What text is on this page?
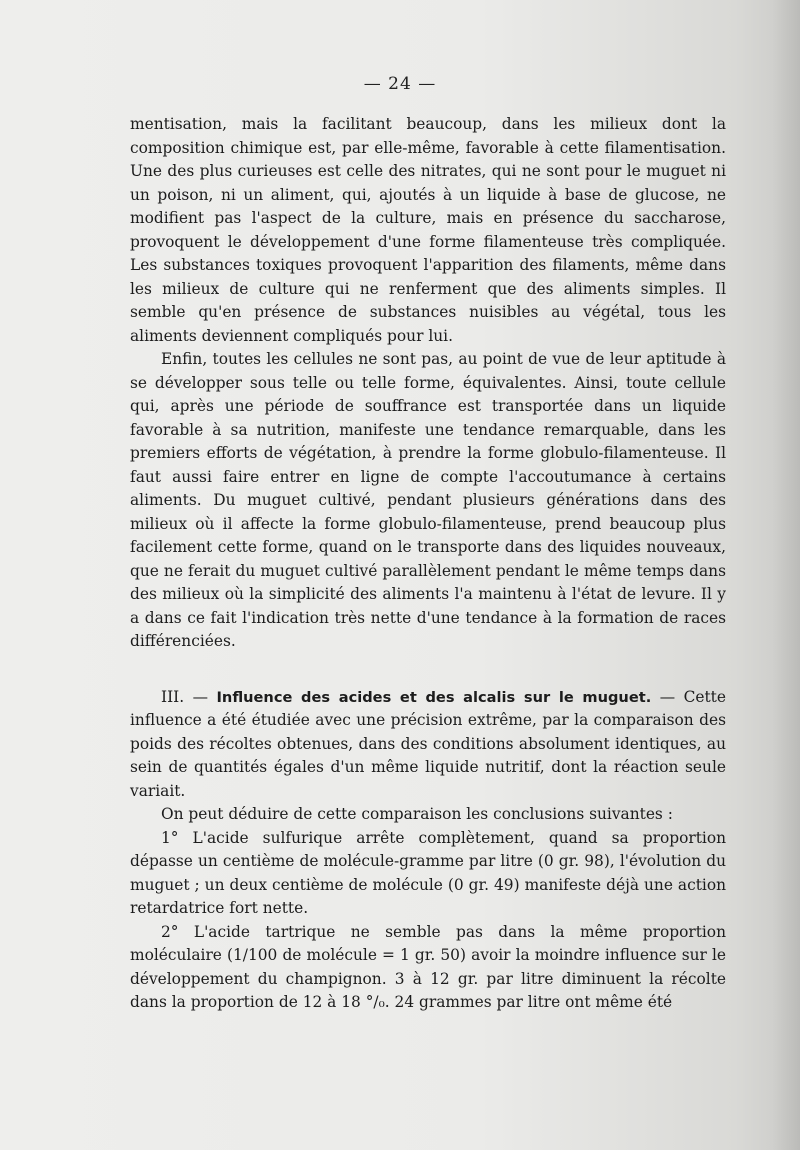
— 24 —

mentisation, mais la facilitant beaucoup, dans les milieux dont la composition chimique est, par elle-même, favorable à cette filamentisation. Une des plus curieuses est celle des nitrates, qui ne sont pour le muguet ni un poison, ni un aliment, qui, ajoutés à un liquide à base de glucose, ne modifient pas l'aspect de la culture, mais en présence du saccharose, provoquent le développement d'une forme filamenteuse très compliquée. Les substances toxiques provoquent l'apparition des filaments, même dans les milieux de culture qui ne renferment que des aliments simples. Il semble qu'en présence de substances nuisibles au végétal, tous les aliments deviennent compliqués pour lui.

Enfin, toutes les cellules ne sont pas, au point de vue de leur aptitude à se développer sous telle ou telle forme, équivalentes. Ainsi, toute cellule qui, après une période de souffrance est transportée dans un liquide favorable à sa nutrition, manifeste une tendance remarquable, dans les premiers efforts de végétation, à prendre la forme globulo-filamenteuse. Il faut aussi faire entrer en ligne de compte l'accoutumance à certains aliments. Du muguet cultivé, pendant plusieurs générations dans des milieux où il affecte la forme globulo-filamenteuse, prend beaucoup plus facilement cette forme, quand on le transporte dans des liquides nouveaux, que ne ferait du muguet cultivé parallèlement pendant le même temps dans des milieux où la simplicité des aliments l'a maintenu à l'état de levure. Il y a dans ce fait l'indication très nette d'une tendance à la formation de races différenciées.

III. — Influence des acides et des alcalis sur le muguet. — Cette influence a été étudiée avec une précision extrême, par la comparaison des poids des récoltes obtenues, dans des conditions absolument identiques, au sein de quantités égales d'un même liquide nutritif, dont la réaction seule variait.

On peut déduire de cette comparaison les conclusions suivantes :

1° L'acide sulfurique arrête complètement, quand sa proportion dépasse un centième de molécule-gramme par litre (0 gr. 98), l'évolution du muguet ; un deux centième de molécule (0 gr. 49) manifeste déjà une action retardatrice fort nette.

2° L'acide tartrique ne semble pas dans la même proportion moléculaire (1/100 de molécule = 1 gr. 50) avoir la moindre influence sur le développement du champignon. 3 à 12 gr. par litre diminuent la récolte dans la proportion de 12 à 18 °/₀. 24 grammes par litre ont même été
